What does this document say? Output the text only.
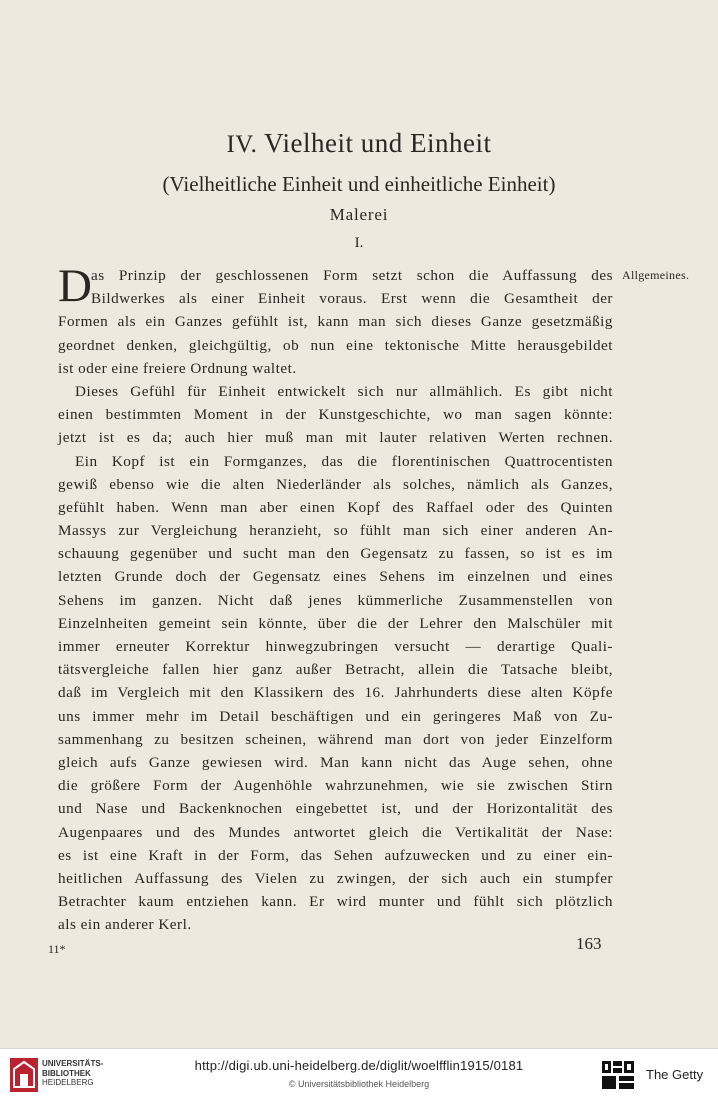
IV. Vielheit und Einheit
(Vielheitliche Einheit und einheitliche Einheit)
Malerei
I.
D	Allgemeines.
as Prinzip der geschlossenen Form setzt schon die Auffassung des
Bildwerkes als einer Einheit voraus. Erst wenn die Gesamtheit der
Formen als ein Ganzes gefühlt ist, kann man sich dieses Ganze gesetzmäßig
geordnet denken, gleichgültig, ob nun eine tektonische Mitte herausgebildet
ist oder eine freiere Ordnung waltet.
Dieses Gefühl für Einheit entwickelt sich nur allmählich. Es gibt nicht
einen bestimmten Moment in der Kunstgeschichte, wo man sagen könnte:
jetzt ist es da; auch hier muß man mit lauter relativen Werten rechnen.
Ein Kopf ist ein Formganzes, das die florentinischen Quattrocentisten
gewiß ebenso wie die alten Niederländer als solches, nämlich als Ganzes,
gefühlt haben. Wenn man aber einen Kopf des Raffael oder des Quinten
Massys zur Vergleichung heranzieht, so fühlt man sich einer anderen An-
schauung gegenüber und sucht man den Gegensatz zu fassen, so ist es im
letzten Grunde doch der Gegensatz eines Sehens im einzelnen und eines
Sehens im ganzen. Nicht daß jenes kümmerliche Zusammenstellen von
Einzelnheiten gemeint sein könnte, über die der Lehrer den Malschüler mit
immer erneuter Korrektur hinwegzubringen versucht — derartige Quali-
tätsvergleiche fallen hier ganz außer Betracht, allein die Tatsache bleibt,
daß im Vergleich mit den Klassikern des 16. Jahrhunderts diese alten Köpfe
uns immer mehr im Detail beschäftigen und ein geringeres Maß von Zu-
sammenhang zu besitzen scheinen, während man dort von jeder Einzelform
gleich aufs Ganze gewiesen wird. Man kann nicht das Auge sehen, ohne
die größere Form der Augenhöhle wahrzunehmen, wie sie zwischen Stirn
und Nase und Backenknochen eingebettet ist, und der Horizontalität des
Augenpaares und des Mundes antwortet gleich die Vertikalität der Nase:
es ist eine Kraft in der Form, das Sehen aufzuwecken und zu einer ein-
heitlichen Auffassung des Vielen zu zwingen, der sich auch ein stumpfer
Betrachter kaum entziehen kann. Er wird munter und fühlt sich plötzlich
als ein anderer Kerl.
11*	163
UNIVERSITÄTS-
BIBLIOTHEK
HEIDELBERG
http://digi.ub.uni-heidelberg.de/diglit/woelfflin1915/0181
© Universitätsbibliothek Heidelberg
The Getty
